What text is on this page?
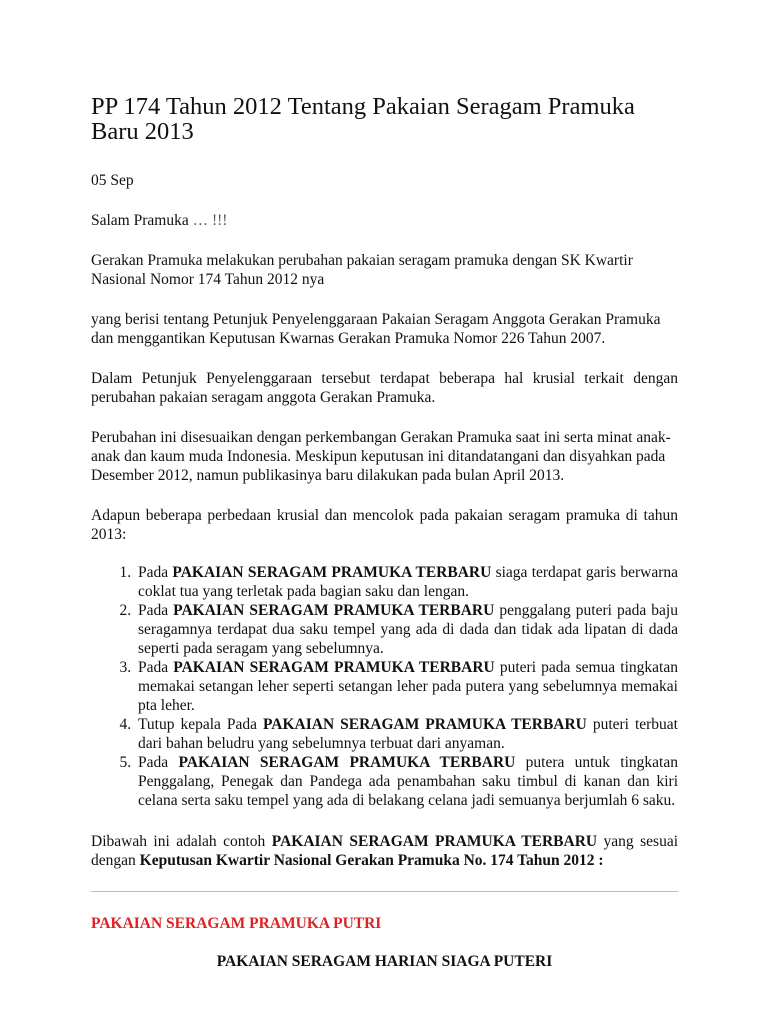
PP 174 Tahun 2012 Tentang Pakaian Seragam Pramuka Baru 2013

05 Sep

Salam Pramuka … !!!

Gerakan Pramuka melakukan perubahan pakaian seragam pramuka dengan SK Kwartir Nasional Nomor 174 Tahun 2012 nya

yang berisi tentang Petunjuk Penyelenggaraan Pakaian Seragam Anggota Gerakan Pramuka dan menggantikan Keputusan Kwarnas Gerakan Pramuka Nomor 226 Tahun 2007.

Dalam Petunjuk Penyelenggaraan tersebut terdapat beberapa hal krusial terkait dengan perubahan pakaian seragam anggota Gerakan Pramuka.

Perubahan ini disesuaikan dengan perkembangan Gerakan Pramuka saat ini serta minat anak-anak dan kaum muda Indonesia. Meskipun keputusan ini ditandatangani dan disyahkan pada Desember 2012, namun publikasinya baru dilakukan pada bulan April 2013.

Adapun beberapa perbedaan krusial dan mencolok pada pakaian seragam pramuka di tahun 2013:

1. Pada PAKAIAN SERAGAM PRAMUKA TERBARU siaga terdapat garis berwarna coklat tua yang terletak pada bagian saku dan lengan.
2. Pada PAKAIAN SERAGAM PRAMUKA TERBARU penggalang puteri pada baju seragamnya terdapat dua saku tempel yang ada di dada dan tidak ada lipatan di dada seperti pada seragam yang sebelumnya.
3. Pada PAKAIAN SERAGAM PRAMUKA TERBARU puteri pada semua tingkatan memakai setangan leher seperti setangan leher pada putera yang sebelumnya memakai pta leher.
4. Tutup kepala Pada PAKAIAN SERAGAM PRAMUKA TERBARU puteri terbuat dari bahan beludru yang sebelumnya terbuat dari anyaman.
5. Pada PAKAIAN SERAGAM PRAMUKA TERBARU putera untuk tingkatan Penggalang, Penegak dan Pandega ada penambahan saku timbul di kanan dan kiri celana serta saku tempel yang ada di belakang celana jadi semuanya berjumlah 6 saku.

Dibawah ini adalah contoh PAKAIAN SERAGAM PRAMUKA TERBARU yang sesuai dengan Keputusan Kwartir Nasional Gerakan Pramuka No. 174 Tahun 2012 :

PAKAIAN SERAGAM PRAMUKA PUTRI

PAKAIAN SERAGAM HARIAN SIAGA PUTERI
